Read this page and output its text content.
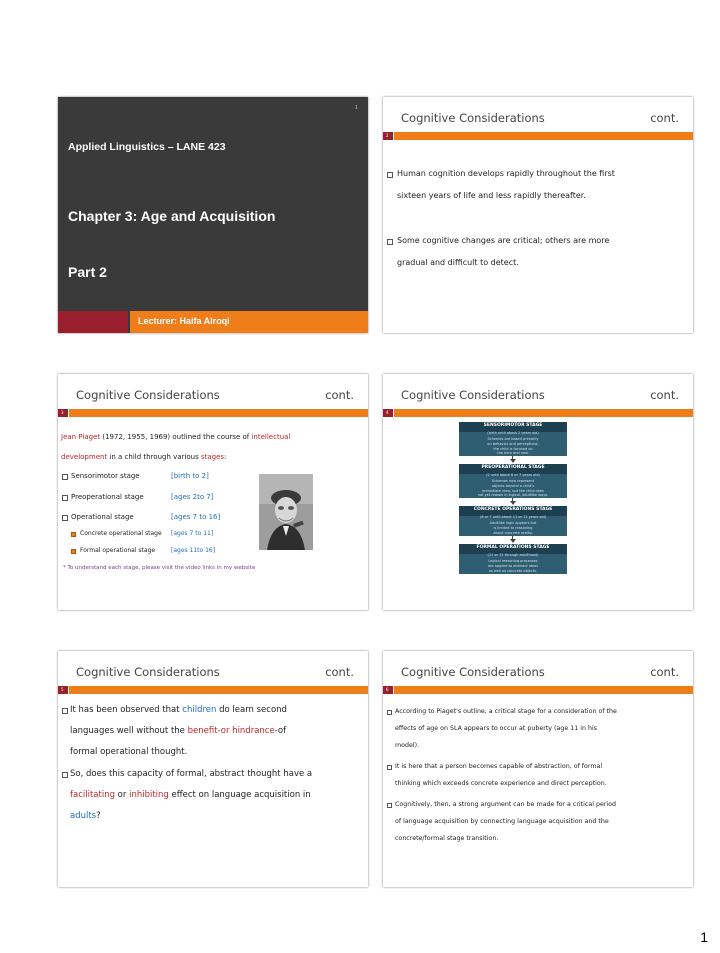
1
Applied Linguistics – LANE 423

Chapter 3: Age and Acquisition

Part 2

Lecturer: Haifa Alroqi
Cognitive Considerations	cont.
2
Human cognition develops rapidly throughout the first
sixteen years of life and less rapidly thereafter.
Some cognitive changes are critical; others are more
gradual and difficult to detect.
Cognitive Considerations	cont.
3
Jean Piaget (1972, 1955, 1969) outlined the course of intellectual
development in a child through various stages:
Sensorimotor stage	[birth to 2]
Preoperational stage	[ages 2to 7]
Operational stage	[ages 7 to 16]
Concrete operational stage [ages 7 to 11]
Formal operational stage	[ages 11to 16]
* To understand each stage, please visit the video links in my website
Cognitive Considerations	cont.
4
SENSORIMOTOR STAGE
(birth until about 2 years old)
Schemes are based primarily
on behavior and perceptions;
the child is focused on
the here and now.
PREOPERATIONAL STAGE
(2 until about 6 or 7 years old)
Schemes now represent
objects beyond a child's
immediate view, but the child does
not yet reason in logical, adultlike ways.
CONCRETE OPERATIONS STAGE
(6 or 7 until about 11 or 12 years old)
Adultlike logic appears but
is limited to reasoning
about concrete reality.
FORMAL OPERATIONS STAGE
(11 or 12 through adulthood)
Logical reasoning processes
are applied to abstract ideas
as well as concrete objects.
Cognitive Considerations	cont.
5
It has been observed that children do learn second
languages well without the benefit-or hindrance-of
formal operational thought.
So, does this capacity of formal, abstract thought have a
facilitating or inhibiting effect on language acquisition in
adults?
Cognitive Considerations	cont.
6
According to Piaget's outline, a critical stage for a consideration of the
effects of age on SLA appears to occur at puberty (age 11 in his
model).
It is here that a person becomes capable of abstraction, of formal
thinking which exceeds concrete experience and direct perception.
Cognitively, then, a strong argument can be made for a critical period
of language acquisition by connecting language acquisition and the
concrete/formal stage transition.
1
